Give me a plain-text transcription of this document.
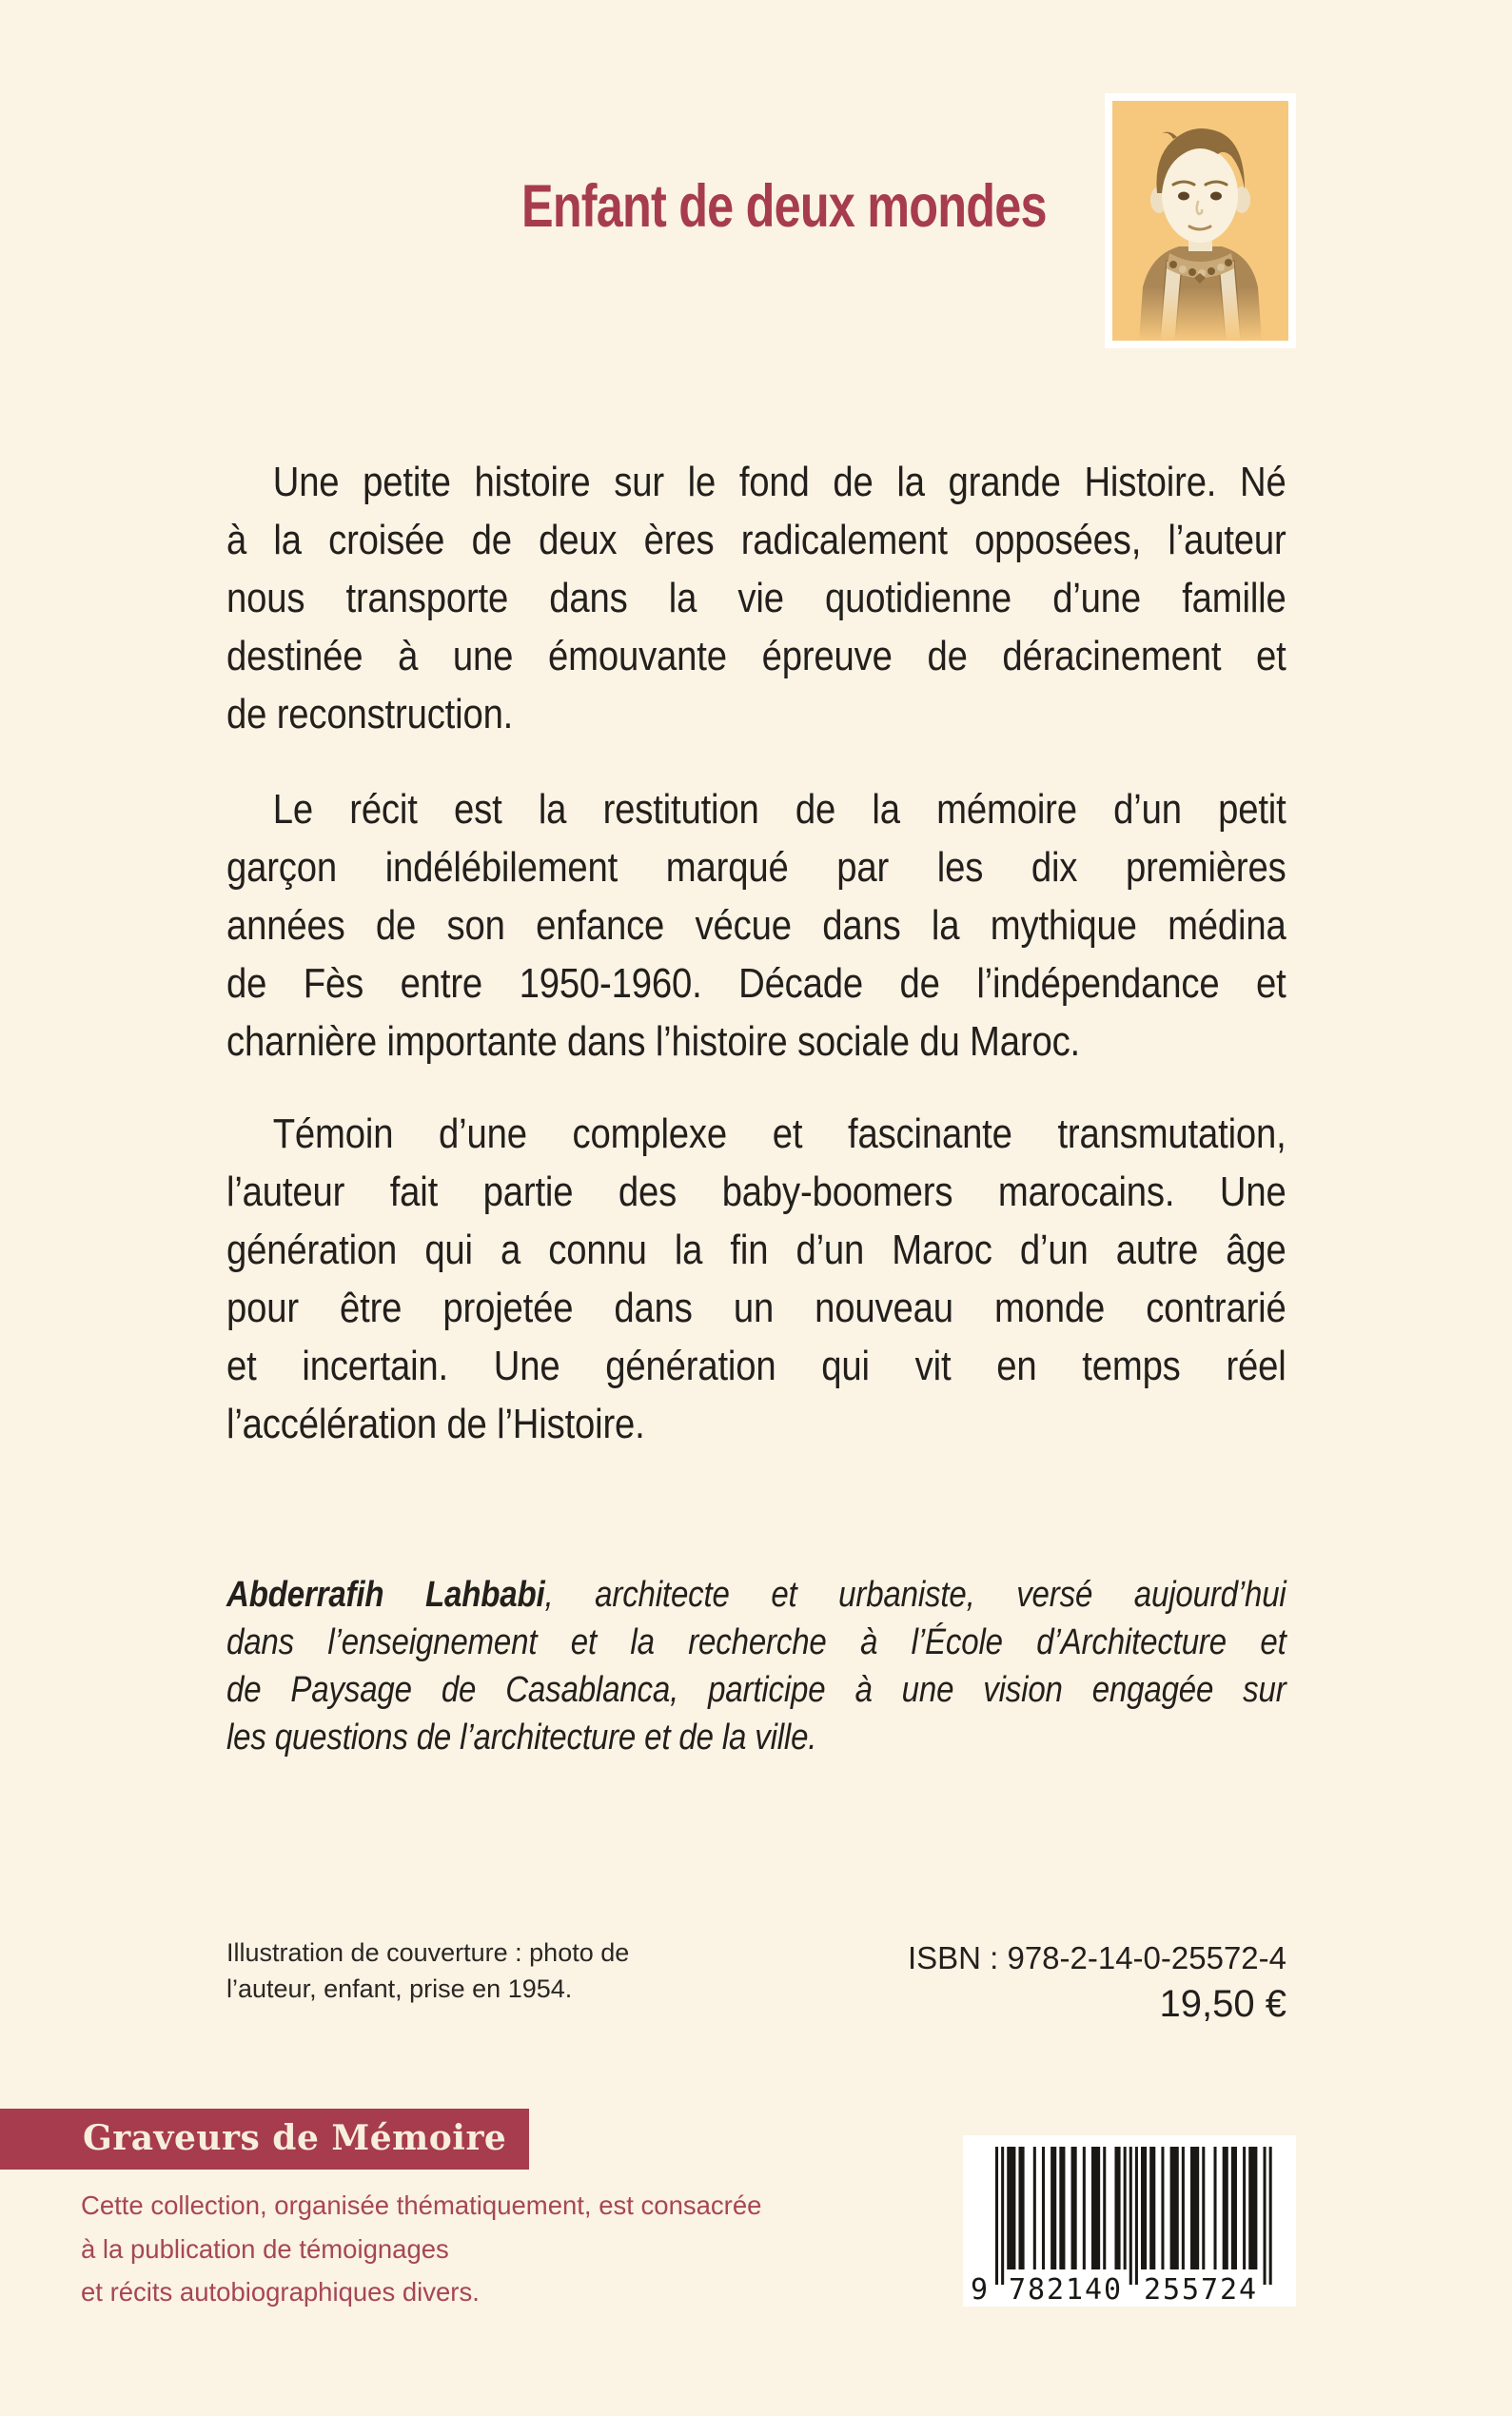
Enfant de deux mondes
Une petite histoire sur le fond de la grande Histoire. Né
à la croisée de deux ères radicalement opposées, l’auteur
nous transporte dans la vie quotidienne d’une famille
destinée à une émouvante épreuve de déracinement et
de reconstruction.
Le récit est la restitution de la mémoire d’un petit
garçon indélébilement marqué par les dix premières
années de son enfance vécue dans la mythique médina
de Fès entre 1950-1960. Décade de l’indépendance et
charnière importante dans l’histoire sociale du Maroc.
Témoin d’une complexe et fascinante transmutation,
l’auteur fait partie des baby-boomers marocains. Une
génération qui a connu la fin d’un Maroc d’un autre âge
pour être projetée dans un nouveau monde contrarié
et incertain. Une génération qui vit en temps réel
l’accélération de l’Histoire.
Abderrafih Lahbabi, architecte et urbaniste, versé aujourd’hui
dans l’enseignement et la recherche à l’École d’Architecture et
de Paysage de Casablanca, participe à une vision engagée sur
les questions de l’architecture et de la ville.
Illustration de couverture : photo de
l’auteur, enfant, prise en 1954.
ISBN : 978-2-14-0-25572-4
19,50 €
Graveurs de Mémoire
Cette collection, organisée thématiquement, est consacrée
à la publication de témoignages
et récits autobiographiques divers.	9 782140 255724
